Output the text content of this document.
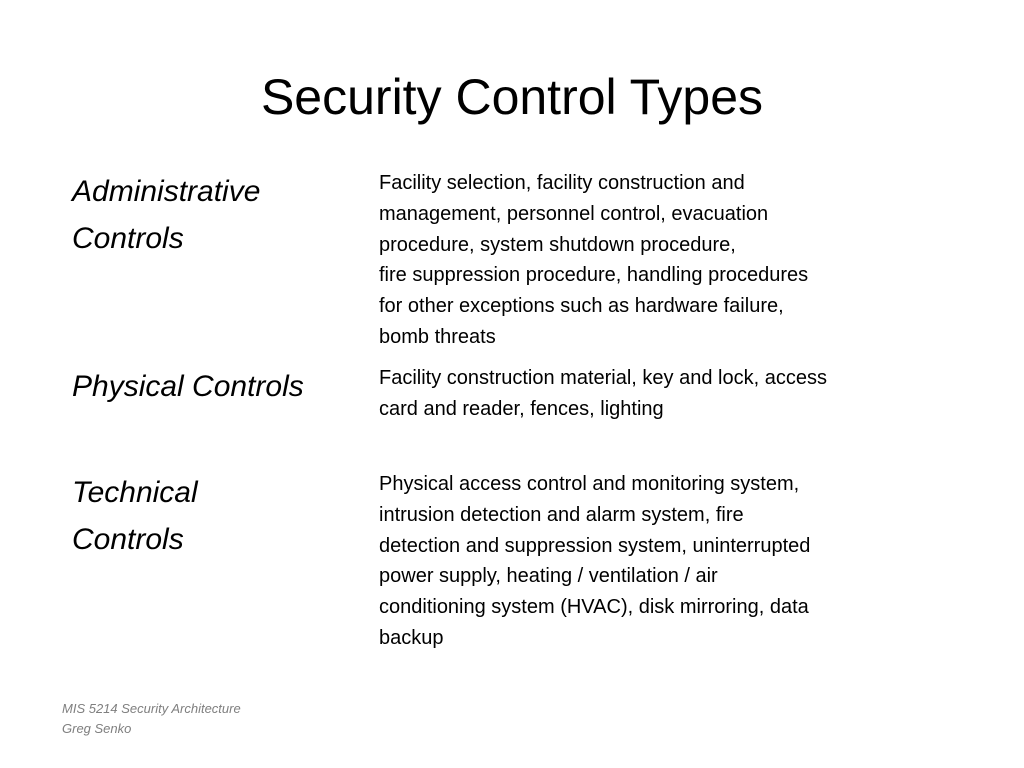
Security Control Types
Administrative
Controls
Facility selection, facility construction and
management, personnel control, evacuation
procedure, system shutdown procedure,
fire suppression procedure, handling procedures
for other exceptions such as hardware failure,
bomb threats
Physical Controls	Facility construction material, key and lock, access
card and reader, fences, lighting
Technical
Controls
Physical access control and monitoring system,
intrusion detection and alarm system, fire
detection and suppression system, uninterrupted
power supply, heating / ventilation / air
conditioning system (HVAC), disk mirroring, data
backup
MIS 5214 Security Architecture
Greg Senko
